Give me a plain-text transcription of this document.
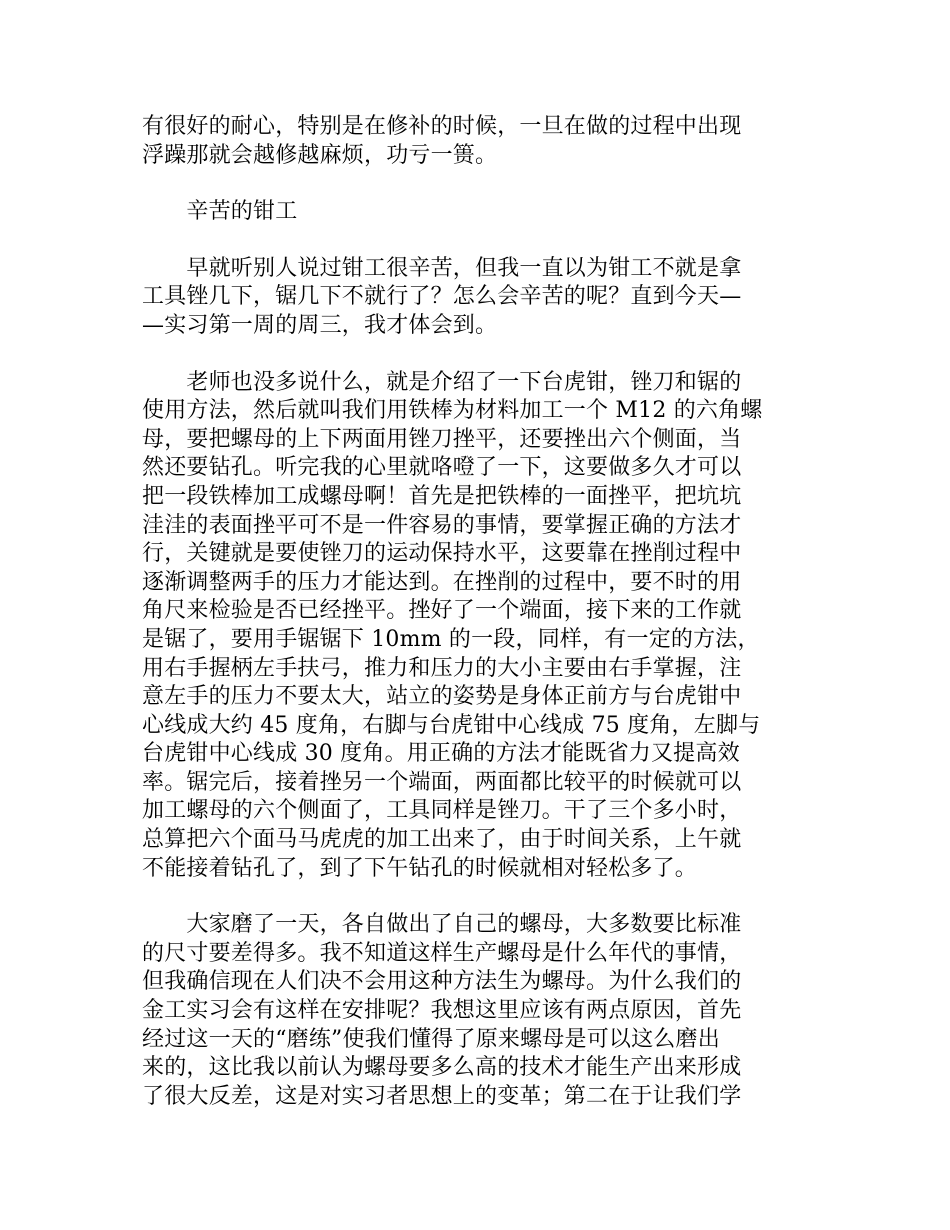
有很好的耐心，特别是在修补的时候，一旦在做的过程中出现
浮躁那就会越修越麻烦，功亏一篑。
　　辛苦的钳工
　　早就听别人说过钳工很辛苦，但我一直以为钳工不就是拿
工具锉几下，锯几下不就行了？怎么会辛苦的呢？直到今天—
—实习第一周的周三，我才体会到。
　　老师也没多说什么，就是介绍了一下台虎钳，锉刀和锯的
使用方法，然后就叫我们用铁棒为材料加工一个 M12 的六角螺
母，要把螺母的上下两面用锉刀挫平，还要挫出六个侧面，当
然还要钻孔。听完我的心里就咯噔了一下，这要做多久才可以
把一段铁棒加工成螺母啊！首先是把铁棒的一面挫平，把坑坑
洼洼的表面挫平可不是一件容易的事情，要掌握正确的方法才
行，关键就是要使锉刀的运动保持水平，这要靠在挫削过程中
逐渐调整两手的压力才能达到。在挫削的过程中，要不时的用
角尺来检验是否已经挫平。挫好了一个端面，接下来的工作就
是锯了，要用手锯锯下 10mm 的一段，同样，有一定的方法，
用右手握柄左手扶弓，推力和压力的大小主要由右手掌握，注
意左手的压力不要太大，站立的姿势是身体正前方与台虎钳中
心线成大约 45 度角，右脚与台虎钳中心线成 75 度角，左脚与
台虎钳中心线成 30 度角。用正确的方法才能既省力又提高效
率。锯完后，接着挫另一个端面，两面都比较平的时候就可以
加工螺母的六个侧面了，工具同样是锉刀。干了三个多小时，
总算把六个面马马虎虎的加工出来了，由于时间关系，上午就
不能接着钻孔了，到了下午钻孔的时候就相对轻松多了。
　　大家磨了一天，各自做出了自己的螺母，大多数要比标准
的尺寸要差得多。我不知道这样生产螺母是什么年代的事情，
但我确信现在人们决不会用这种方法生为螺母。为什么我们的
金工实习会有这样在安排呢？我想这里应该有两点原因，首先
经过这一天的“磨练”使我们懂得了原来螺母是可以这么磨出
来的，这比我以前认为螺母要多么高的技术才能生产出来形成
了很大反差，这是对实习者思想上的变革；第二在于让我们学
